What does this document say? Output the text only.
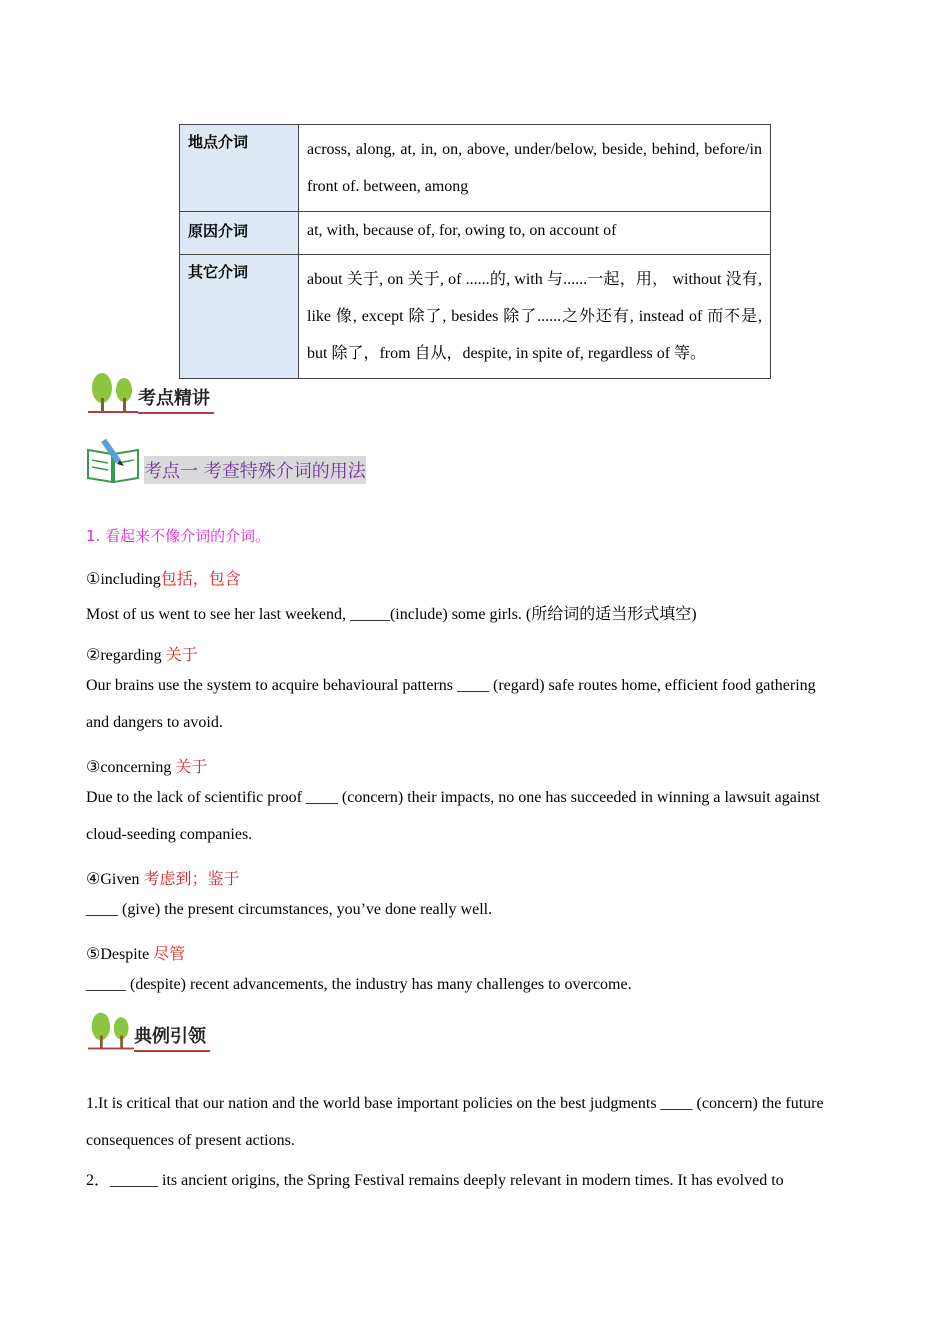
地点介词	across, along, at, in, on, above, under/below, beside, behind, before/in front of. between, among
原因介词	at, with, because of, for, owing to, on account of
其它介词	about 关于, on 关于, of ......的, with 与......一起，用， without 没有, like 像, except 除了, besides 除了......之外还有, instead of 而不是, but 除了，from 自从，despite, in spite of, regardless of 等。
考点精讲
考点一 考查特殊介词的用法
1. 看起来不像介词的介词。
①including包括，包含
Most of us went to see her last weekend, _____(include) some girls. (所给词的适当形式填空)
②regarding 关于
Our brains use the system to acquire behavioural patterns ____ (regard) safe routes home, efficient food gathering
and dangers to avoid.
③concerning 关于
Due to the lack of scientific proof ____ (concern) their impacts, no one has succeeded in winning a lawsuit against
cloud-seeding companies.
④Given 考虑到；鉴于
____ (give) the present circumstances, you’ve done really well.
⑤Despite 尽管
_____ (despite) recent advancements, the industry has many challenges to overcome.
典例引领
1.It is critical that our nation and the world base important policies on the best judgments ____ (concern) the future
consequences of present actions.
2．______ its ancient origins, the Spring Festival remains deeply relevant in modern times. It has evolved to
